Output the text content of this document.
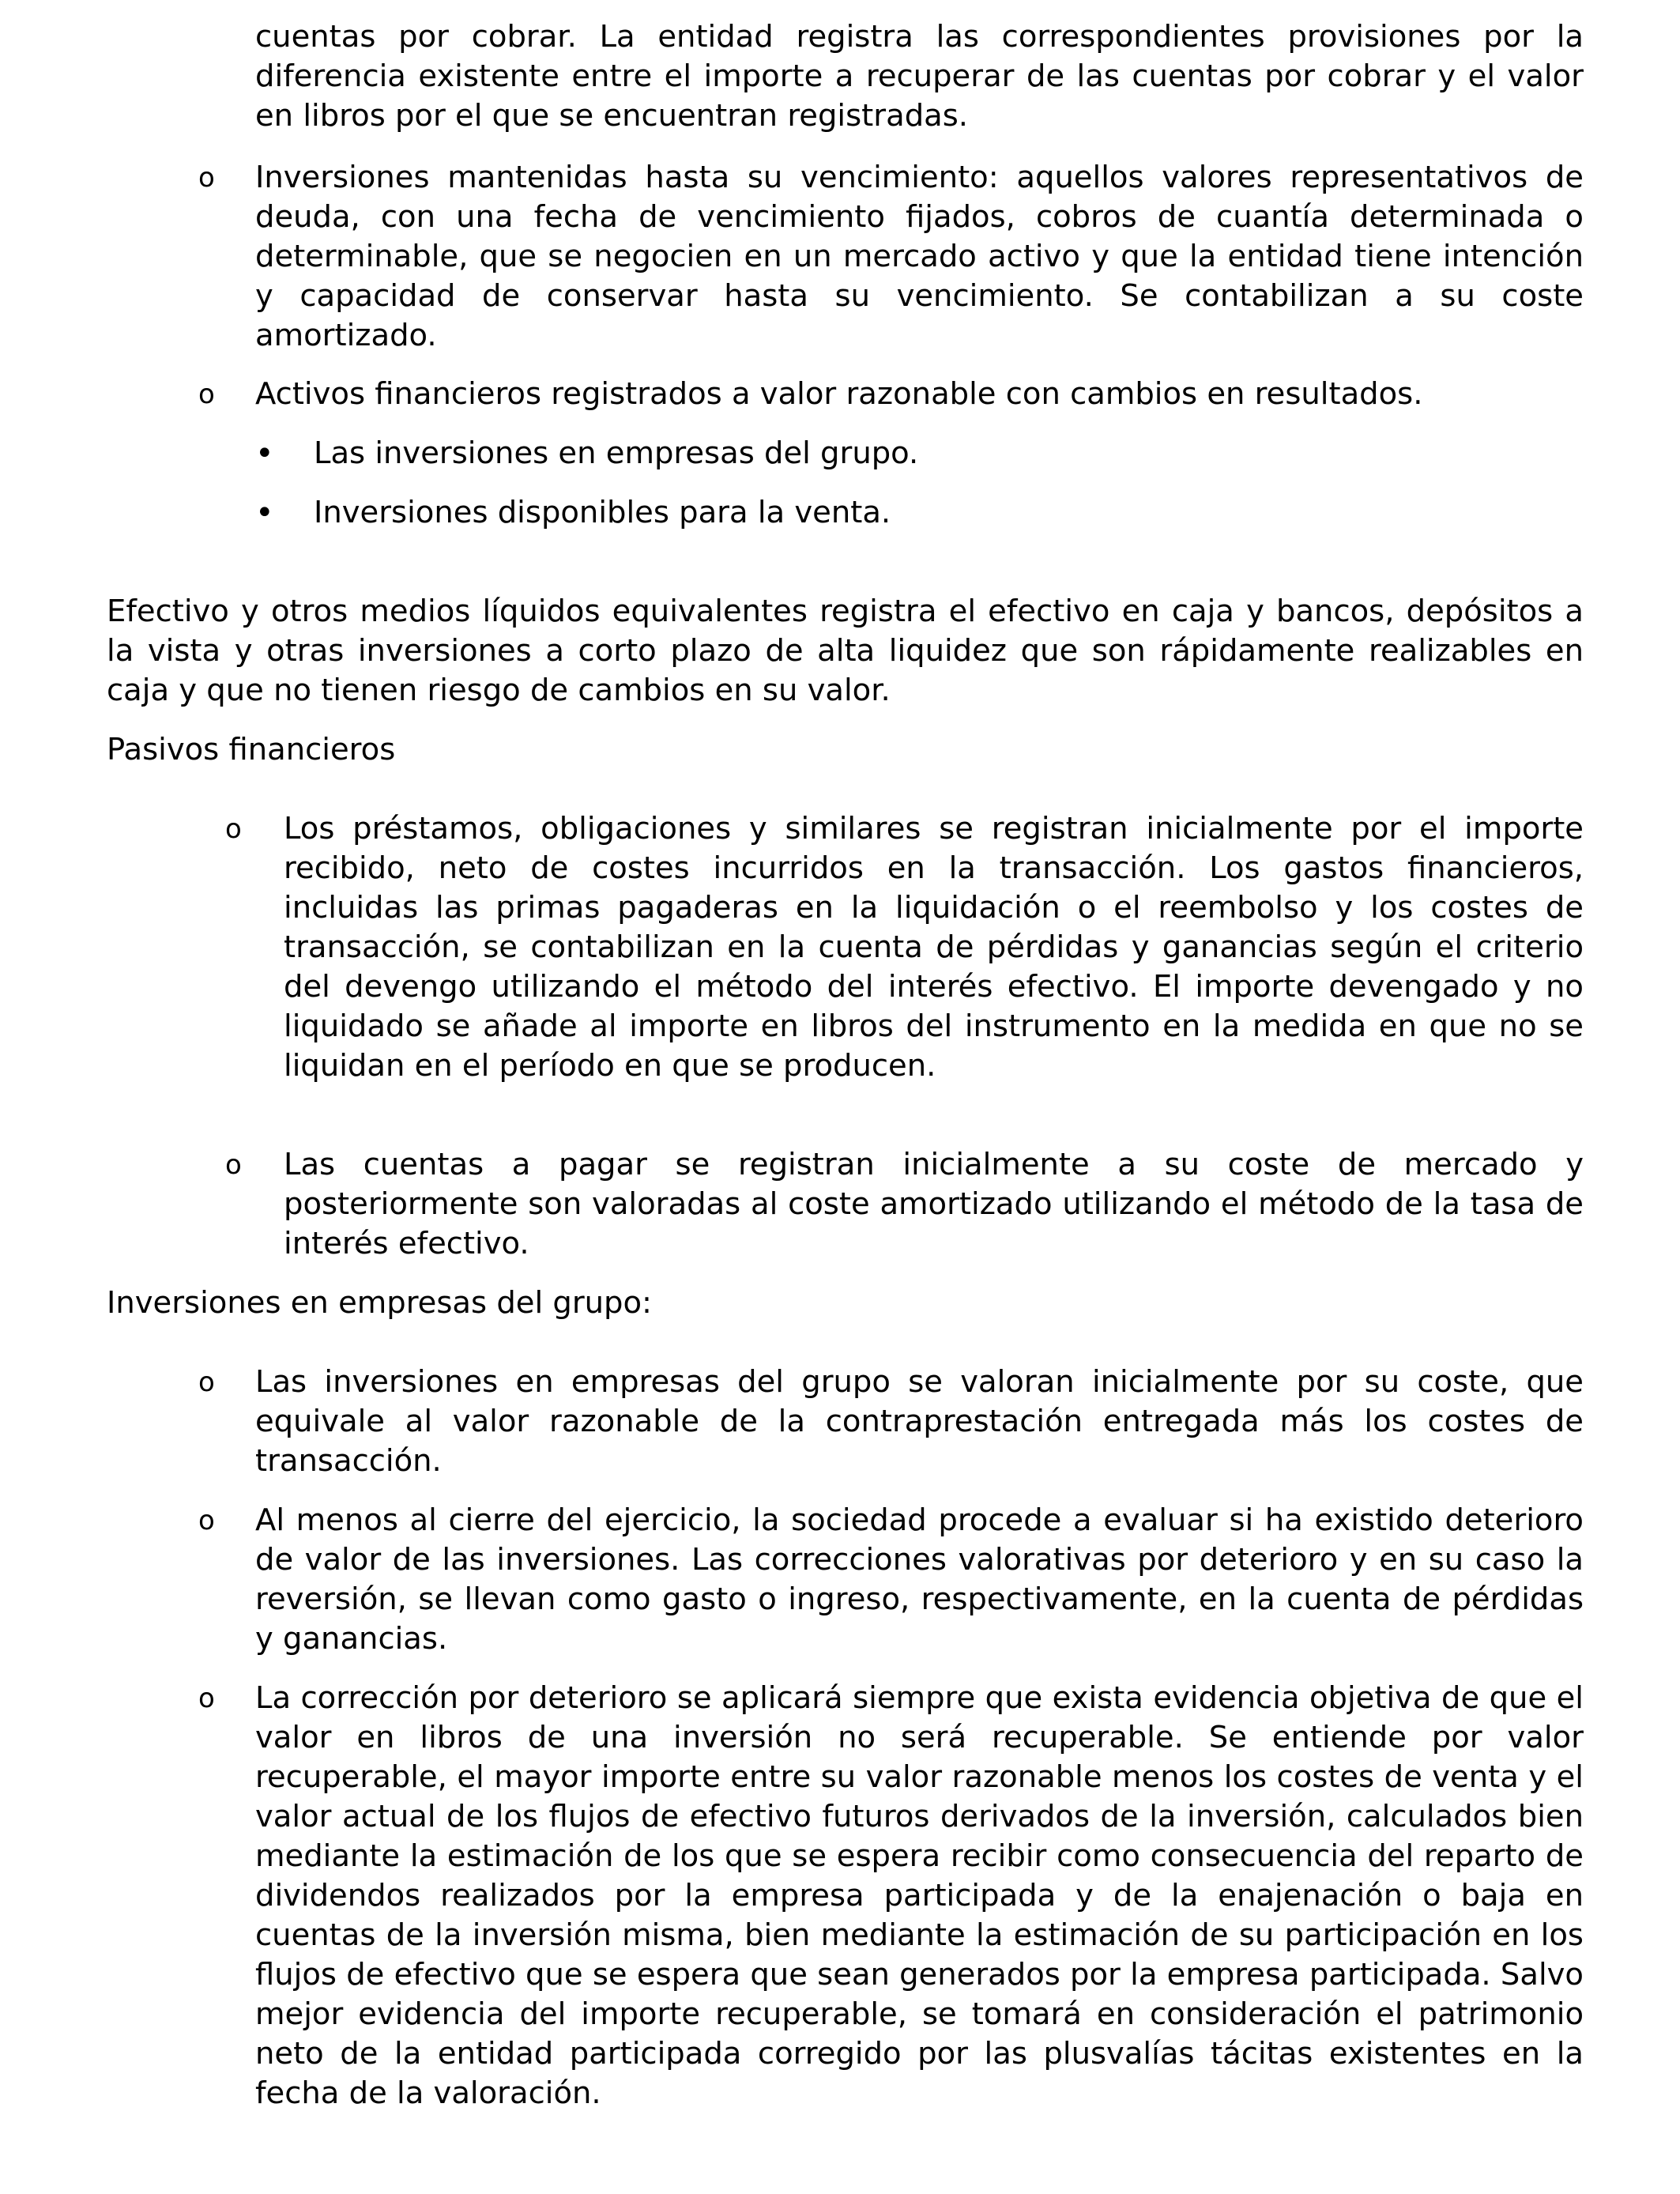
cuentas por cobrar. La entidad registra las correspondientes provisiones por la diferencia existente entre el importe a recuperar de las cuentas por cobrar y el valor en libros por el que se encuentran registradas.

o Inversiones mantenidas hasta su vencimiento: aquellos valores representativos de deuda, con una fecha de vencimiento fijados, cobros de cuantía determinada o determinable, que se negocien en un mercado activo y que la entidad tiene intención y capacidad de conservar hasta su vencimiento. Se contabilizan a su coste amortizado.
o Activos financieros registrados a valor razonable con cambios en resultados.
• Las inversiones en empresas del grupo.
• Inversiones disponibles para la venta.

Efectivo y otros medios líquidos equivalentes registra el efectivo en caja y bancos, depósitos a la vista y otras inversiones a corto plazo de alta liquidez que son rápidamente realizables en caja y que no tienen riesgo de cambios en su valor.

Pasivos financieros

o Los préstamos, obligaciones y similares se registran inicialmente por el importe recibido, neto de costes incurridos en la transacción. Los gastos financieros, incluidas las primas pagaderas en la liquidación o el reembolso y los costes de transacción, se contabilizan en la cuenta de pérdidas y ganancias según el criterio del devengo utilizando el método del interés efectivo. El importe devengado y no liquidado se añade al importe en libros del instrumento en la medida en que no se liquidan en el período en que se producen.
o Las cuentas a pagar se registran inicialmente a su coste de mercado y posteriormente son valoradas al coste amortizado utilizando el método de la tasa de interés efectivo.

Inversiones en empresas del grupo:

o Las inversiones en empresas del grupo se valoran inicialmente por su coste, que equivale al valor razonable de la contraprestación entregada más los costes de transacción.
o Al menos al cierre del ejercicio, la sociedad procede a evaluar si ha existido deterioro de valor de las inversiones. Las correcciones valorativas por deterioro y en su caso la reversión, se llevan como gasto o ingreso, respectivamente, en la cuenta de pérdidas y ganancias.
o La corrección por deterioro se aplicará siempre que exista evidencia objetiva de que el valor en libros de una inversión no será recuperable. Se entiende por valor recuperable, el mayor importe entre su valor razonable menos los costes de venta y el valor actual de los flujos de efectivo futuros derivados de la inversión, calculados bien mediante la estimación de los que se espera recibir como consecuencia del reparto de dividendos realizados por la empresa participada y de la enajenación o baja en cuentas de la inversión misma, bien mediante la estimación de su participación en los flujos de efectivo que se espera que sean generados por la empresa participada. Salvo mejor evidencia del importe recuperable, se tomará en consideración el patrimonio neto de la entidad participada corregido por las plusvalías tácitas existentes en la fecha de la valoración.
